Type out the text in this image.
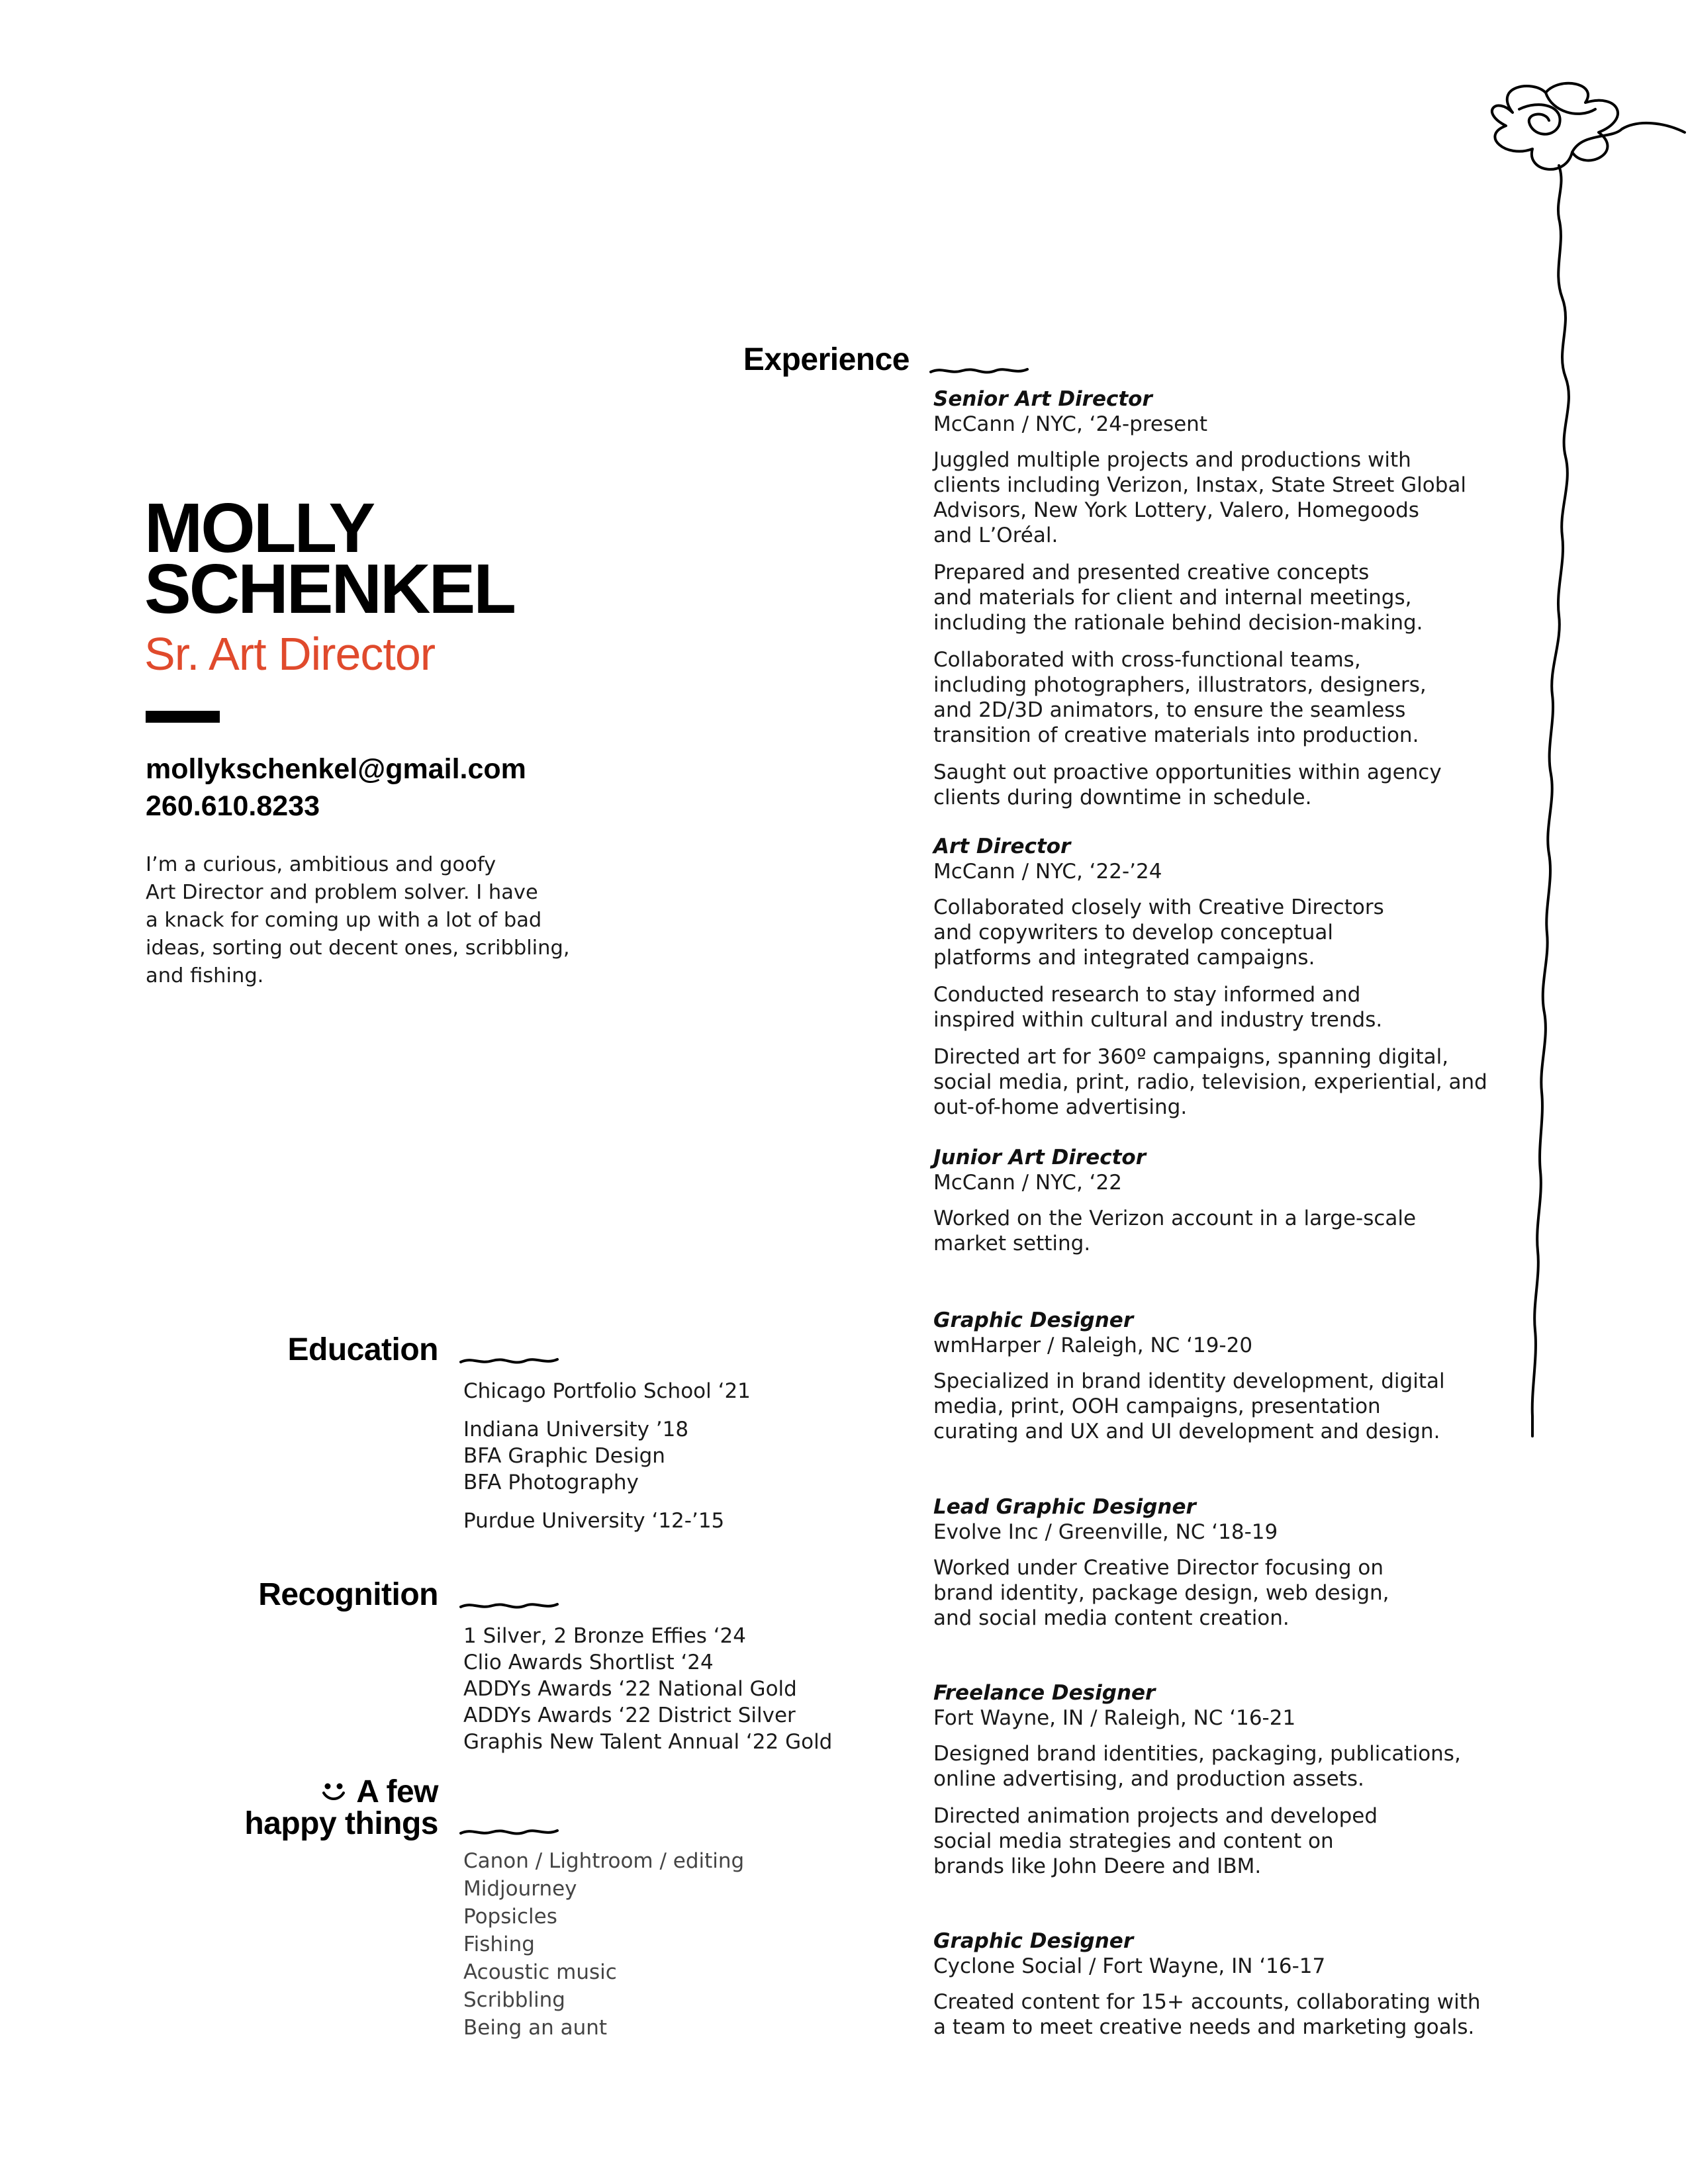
MOLLY
SCHENKEL
Sr. Art Director
mollykschenkel@gmail.com
260.610.8233

I’m a curious, ambitious and goofy

Art Director and problem solver. I have

a knack for coming up with a lot of bad

ideas, sorting out decent ones, scribbling,

and fishing.

Experience

Senior Art Director

McCann / NYC, ‘24-present

Juggled multiple projects and productions with
clients including Verizon, Instax, State Street Global
Advisors, New York Lottery, Valero, Homegoods
and L’Oréal.

Prepared and presented creative concepts
and materials for client and internal meetings,
including the rationale behind decision-making.

Collaborated with cross-functional teams,
including photographers, illustrators, designers,
and 2D/3D animators, to ensure the seamless
transition of creative materials into production.

Saught out proactive opportunities within agency
clients during downtime in schedule.

Art Director

McCann / NYC, ‘22-’24

Collaborated closely with Creative Directors
and copywriters to develop conceptual
platforms and integrated campaigns.

Conducted research to stay informed and
inspired within cultural and industry trends.

Directed art for 360º campaigns, spanning digital,
social media, print, radio, television, experiential, and
out-of-home advertising.

Junior Art Director

McCann / NYC, ‘22

Worked on the Verizon account in a large-scale
market setting.

Graphic Designer

wmHarper / Raleigh, NC ‘19-20

Specialized in brand identity development, digital
media, print, OOH campaigns, presentation
curating and UX and UI development and design.

Lead Graphic Designer

Evolve Inc / Greenville, NC ‘18-19

Worked under Creative Director focusing on
brand identity, package design, web design,
and social media content creation.

Freelance Designer

Fort Wayne, IN / Raleigh, NC ‘16-21

Designed brand identities, packaging, publications,
online advertising, and production assets.

Directed animation projects and developed
social media strategies and content on
brands like John Deere and IBM.

Graphic Designer

Cyclone Social / Fort Wayne, IN ‘16-17

Created content for 15+ accounts, collaborating with
a team to meet creative needs and marketing goals.

Education
Chicago Portfolio School ‘21
Indiana University ’18
BFA Graphic Design
BFA Photography
Purdue University ‘12-’15
Recognition
1 Silver, 2 Bronze Effies ‘24
Clio Awards Shortlist ‘24
ADDYs Awards ‘22 National Gold
ADDYs Awards ‘22 District Silver
Graphis New Talent Annual ‘22 Gold
A few
happy things
Canon / Lightroom / editing
Midjourney
Popsicles
Fishing
Acoustic music
Scribbling
Being an aunt
